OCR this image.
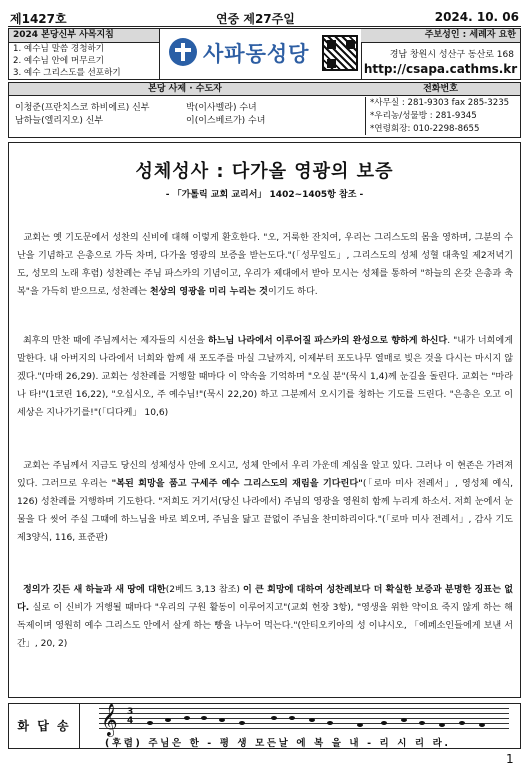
제1427호	연중 제27주일	2024. 10. 06
2024 본당신부 사목지침
1. 예수님 말씀 경청하기
2. 예수님 안에 머무르기
3. 예수 그리스도를 선포하기
사파동성당
주보성인 : 세례자 요한
경남 창원시 성산구 동산로 168
http://csapa.cathms.kr
본당 사제 · 수도자	전화번호
이청준(프란치스코 하비에르) 신부
남하늘(엘리지오) 신부
박(이사벨라) 수녀
이(이스베르가) 수녀
*사무실 : 281-9303 fax 285-3235
*우리농/성물방 : 281-9345
*연령회장: 010-2298-8655
성체성사 : 다가올 영광의 보증
- 「가톨릭 교회 교리서」 1402~1405항 참조 -
교회는 옛 기도문에서 성찬의 신비에 대해 이렇게 환호한다. "오, 거룩한 잔치여, 우리는 그리스도의 몸을 영하며, 그분의 수난을 기념하고 은총으로 가득 차며, 다가올 영광의 보증을 받는도다."(「성무일도」, 그리스도의 성체 성혈 대축일 제2저녁기도, 성모의 노래 후렴) 성찬례는 주님 파스카의 기념이고, 우리가 제대에서 받아 모시는 성체를 통하여 "하늘의 온갖 은총과 축복"을 가득히 받으므로, 성찬례는 천상의 영광을 미리 누리는 것이기도 하다.
최후의 만찬 때에 주님께서는 제자들의 시선을 하느님 나라에서 이루어질 파스카의 완성으로 향하게 하신다. "내가 너희에게 말한다. 내 아버지의 나라에서 너희와 함께 새 포도주를 마실 그날까지, 이제부터 포도나무 열매로 빚은 것을 다시는 마시지 않겠다."(마태 26,29). 교회는 성찬례를 거행할 때마다 이 약속을 기억하며 "오실 분"(묵시 1,4)께 눈길을 돌린다. 교회는 "마라나 타!"(1코린 16,22), "오십시오, 주 예수님!"(묵시 22,20) 하고 그분께서 오시기를 청하는 기도를 드린다. "은총은 오고 이 세상은 지나가기를!"(「디다케」 10,6)
교회는 주님께서 지금도 당신의 성체성사 안에 오시고, 성체 안에서 우리 가운데 계심을 알고 있다. 그러나 이 현존은 가려져 있다. 그러므로 우리는 "복된 희망을 품고 구세주 예수 그리스도의 재림을 기다린다"(「로마 미사 전례서」, 영성체 예식, 126) 성찬례를 거행하며 기도한다. "저희도 거기서(당신 나라에서) 주님의 영광을 영원히 함께 누리게 하소서. 저희 눈에서 눈물을 다 씻어 주실 그때에 하느님을 바로 뵈오며, 주님을 닮고 끝없이 주님을 찬미하리이다."(「로마 미사 전례서」, 감사 기도 제3양식, 116, 표준판)
정의가 깃든 새 하늘과 새 땅에 대한(2베드 3,13 참조) 이 큰 희망에 대하여 성찬례보다 더 확실한 보증과 분명한 징표는 없다. 실로 이 신비가 거행될 때마다 "우리의 구원 활동이 이루어지고"(교회 헌장 3항), "영생을 위한 약이요 죽지 않게 하는 해독제이며 영원히 예수 그리스도 안에서 살게 하는 빵을 나누어 먹는다."(안티오키아의 성 이냐시오, 「에페소인들에게 보낸 서간」, 20, 2)
화 답 송	𝄞 3
4
(후렴) 주님은 한 - 평 생 모든날 에 복 을 내 - 리 시 리 라.
1
